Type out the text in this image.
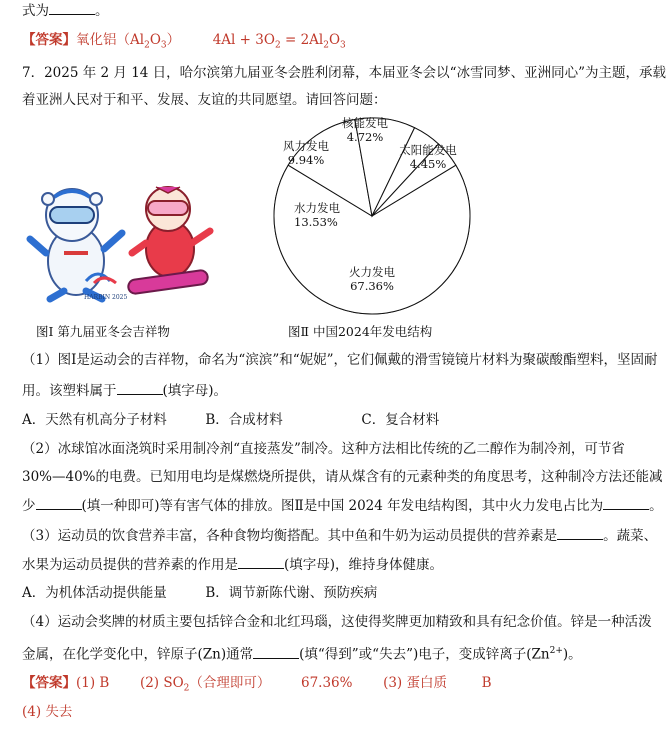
式为	。
【答案】氧化铝$(Al_2O_3) 4Al + 3O_2 = 2Al_2O_3$
7．2025 年 2 月 14 日，哈尔滨第九届亚冬会胜利闭幕，本届亚冬会以“冰雪同梦、亚洲同心”为主题，承载
着亚洲人民对于和平、发展、友谊的共同愿望。请回答问题：
HARBIN 2025
火力发电
67.36%
水力发电
13.53%
风力发电
9.94%
核能发电
4.72%
太阳能发电
4.45%
图Ⅰ 第九届亚冬会吉祥物	图Ⅱ 中国2024年发电结构
（1）图Ⅰ是运动会的吉祥物，命名为“滨滨”和“妮妮”，它们佩戴的滑雪镜镜片材料为聚碳酸酯塑料，坚固耐
用。该塑料属于	(填字母)。
A．天然有机高分子材料	B．合成材料	C．复合材料
（2）冰球馆冰面浇筑时采用制冷剂“直接蒸发”制冷。这种方法相比传统的乙二醇作为制冷剂，可节省
30%—40%的电费。已知用电均是煤燃烧所提供，请从煤含有的元素种类的角度思考，这种制冷方法还能减
少	(填一种即可)等有害气体的排放。图Ⅱ是中国 2024 年发电结构图，其中火力发电占比为	。
（3）运动员的饮食营养丰富，各种食物均衡搭配。其中鱼和牛奶为运动员提供的营养素是	。蔬菜、
水果为运动员提供的营养素的作用是	(填字母)，维持身体健康。
A．为机体活动提供能量	B．调节新陈代谢、预防疾病
（4）运动会奖牌的材质主要包括锌合金和北红玛瑙，这使得奖牌更加精致和具有纪念价值。锌是一种活泼
金属，在化学变化中，锌原子(Zn)通常	(填“得到”或“失去”)电子，变成锌离子$(Zn^{2+})$。
【答案】(1) B (2) $SO_2$（合理即可） 67.36% (3) 蛋白质	B
(4) 失去
